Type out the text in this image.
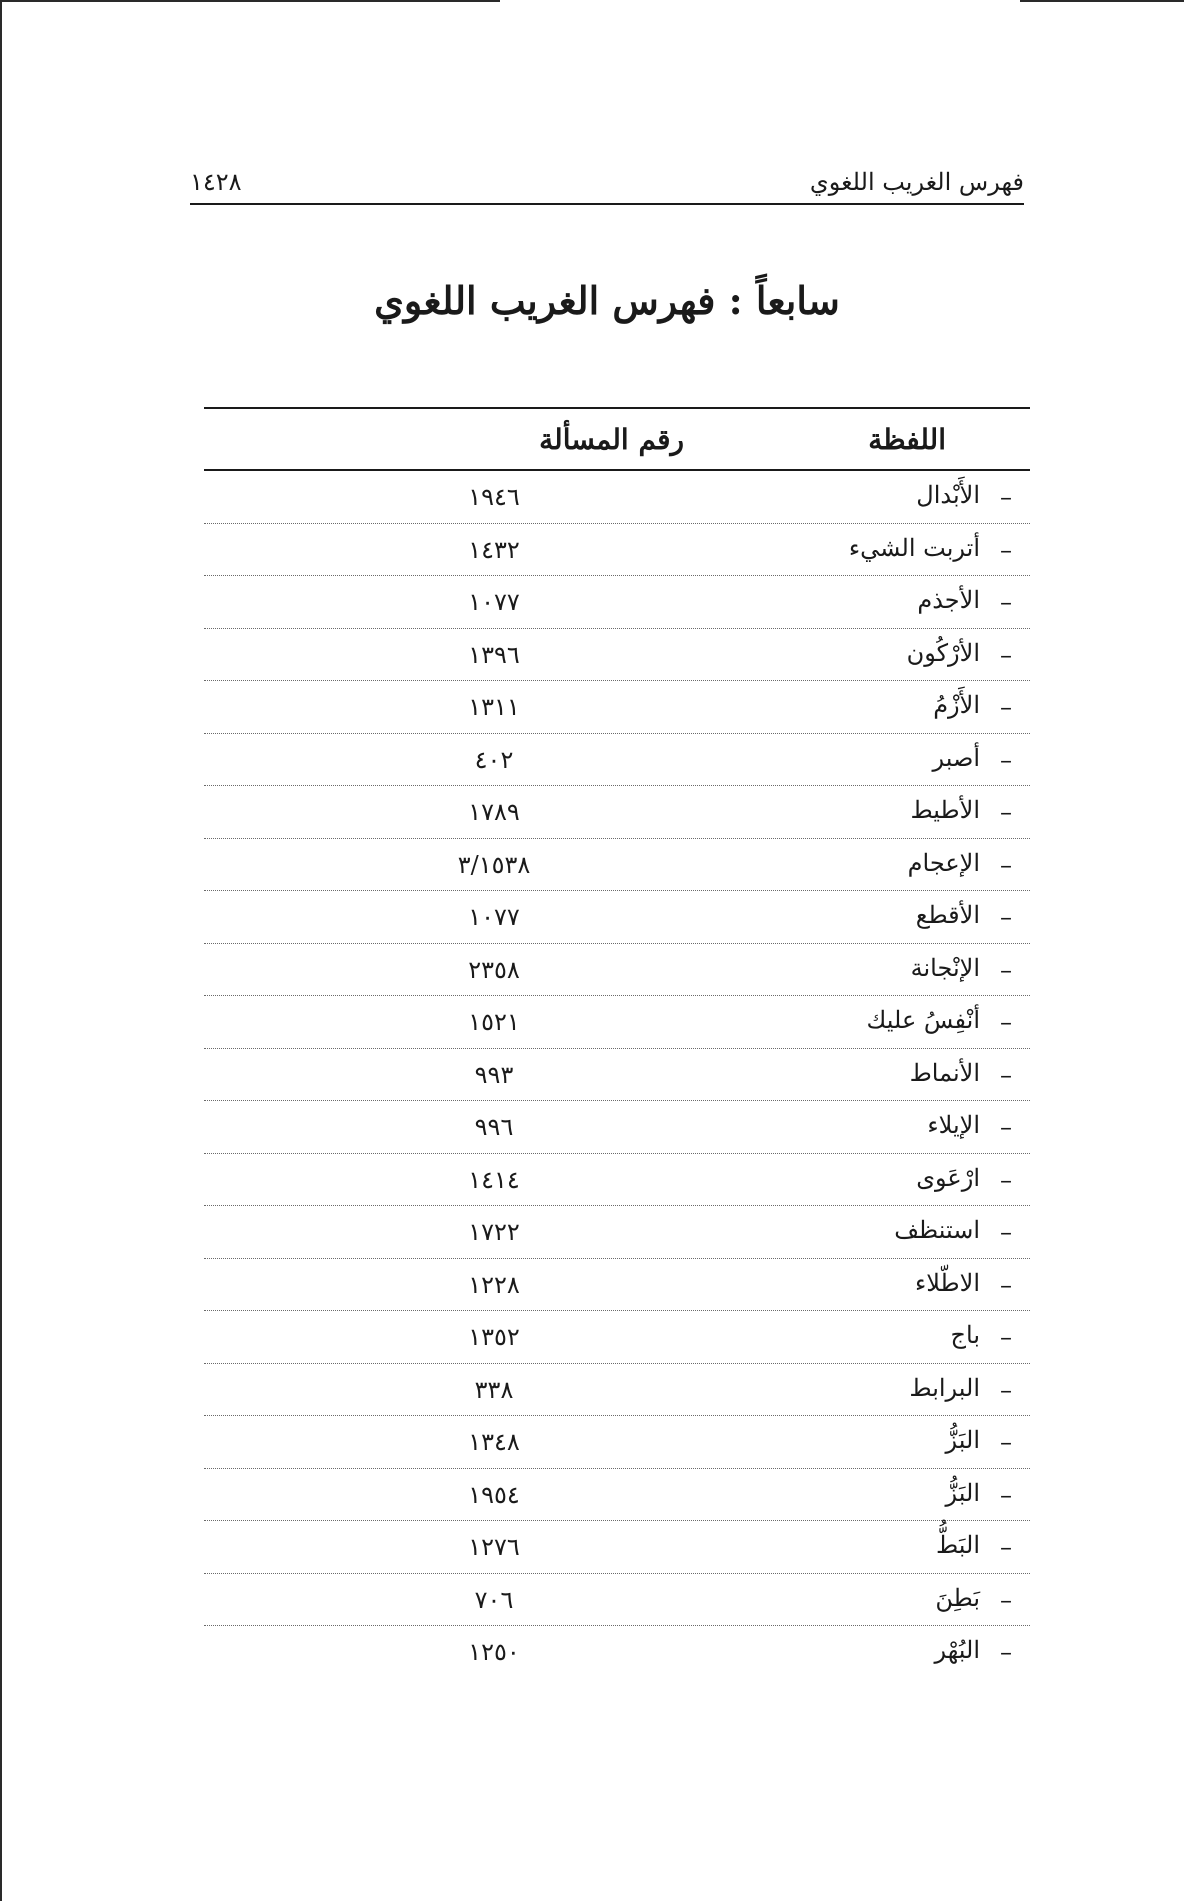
فهرس الغريب اللغوي
١٤٢٨
سابعاً : فهرس الغريب اللغوي
اللفظة
رقم المسألة
–
الأَبْدال
١٩٤٦
–
أتربت الشيء
١٤٣٢
–
الأجذم
١٠٧٧
–
الأرْكُون
١٣٩٦
–
الأَزْمُ
١٣١١
–
أصبر
٤٠٢
–
الأطيط
١٧٨٩
–
الإعجام
٣/١٥٣٨
–
الأقطع
١٠٧٧
–
الإنْجانة
٢٣٥٨
–
أنْفِسُ عليك
١٥٢١
–
الأنماط
٩٩٣
–
الإيلاء
٩٩٦
–
ارْعَوى
١٤١٤
–
استنظف
١٧٢٢
–
الاطّلاء
١٢٢٨
–
باج
١٣٥٢
–
البرابط
٣٣٨
–
البَزُّ
١٣٤٨
–
البَزُّ
١٩٥٤
–
البَطُّ
١٢٧٦
–
بَطِنَ
٧٠٦
–
البُهْر
١٢٥٠
